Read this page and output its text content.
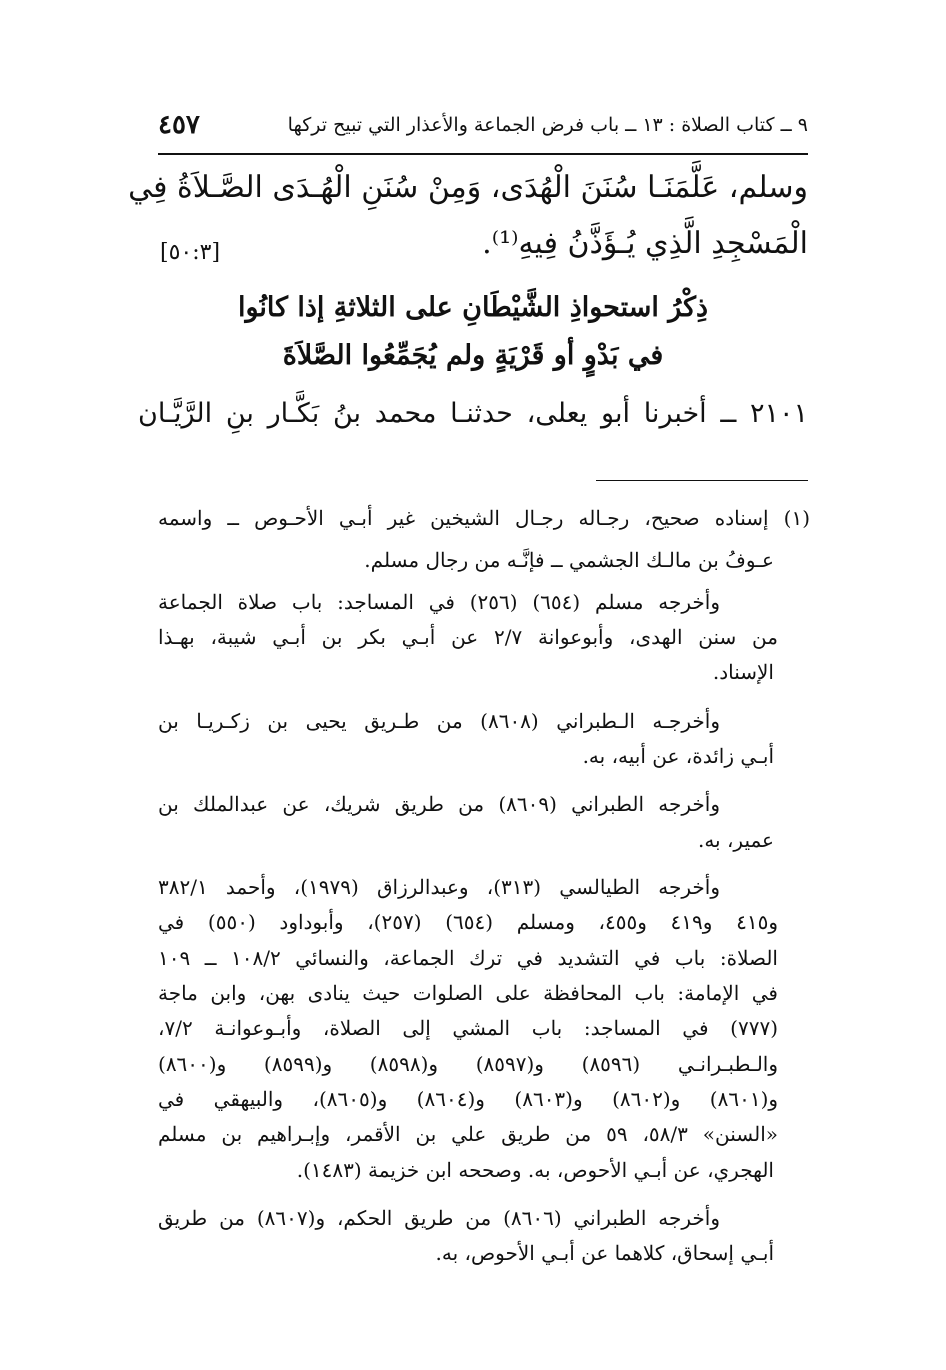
٩ ــ كتاب الصلاة : ١٣ ــ باب فرض الجماعة والأعذار التي تبيح تركها
٤٥٧
وسلم، عَلَّمَنَـا سُنَنَ الْهُدَى، وَمِنْ سُنَنِ الْهُـدَى الصَّـلاَةُ فِي
الْمَسْجِدِ الَّذِي يُـؤَذَّنُ فِيهِ⁽¹⁾.
[٥٠:٣]
ذِكْرُ استحواذِ الشَّيْطَانِ على الثلاثةِ إذا كانُوا
في بَدْوٍ أو قَرْيَةٍ ولم يُجَمِّعُوا الصَّلاَةَ
٢١٠١ ــ أخبرنا أبو يعلى، حدثنـا محمد بنُ بَكَّـار بنِ الرَّيَّـان
(١) إسناده صحيح، رجـاله رجـال الشيخين غير أبـي الأحـوص ــ واسمه
عـوفُ بن مالـك الجشمي ــ فإنَّـه من رجال مسلم.
وأخرجه مسلم (٦٥٤) (٢٥٦) في المساجد: باب صلاة الجماعة
من سنن الهدى، وأبوعوانة ٢/٧ عن أبـي بكر بن أبـي شيبة، بهـذا
الإسناد.
وأخرجـه الـطبراني (٨٦٠٨) من طـريق يحيى بن زكـريـا بن
أبـي زائدة، عن أبيه، به.
وأخرجه الطبراني (٨٦٠٩) من طريق شريك، عن عبدالملك بن
عمير، به.
وأخرجه الطيالسي (٣١٣)، وعبدالرزاق (١٩٧٩)، وأحمد ٣٨٢/١
و٤١٥ و٤١٩ و٤٥٥، ومسلم (٦٥٤) (٢٥٧)، وأبوداود (٥٥٠) في
الصلاة: باب في التشديد في ترك الجماعة، والنسائي ١٠٨/٢ ــ ١٠٩
في الإمامة: باب المحافظة على الصلوات حيث ينادى بهن، وابن ماجة
(٧٧٧) في المساجد: باب المشي إلى الصلاة، وأبـوعوانـة ٧/٢،
والـطبـرانـي (٨٥٩٦) و(٨٥٩٧) و(٨٥٩٨) و(٨٥٩٩) و(٨٦٠٠)
و(٨٦٠١) و(٨٦٠٢) و(٨٦٠٣) و(٨٦٠٤) و(٨٦٠٥)، والبيهقي في
«السنن» ٥٨/٣، ٥٩ من طريق علي بن الأقمر، وإبـراهيم بن مسلم
الهجري، عن أبـي الأحوص، به. وصححه ابن خزيمة (١٤٨٣).
وأخرجه الطبراني (٨٦٠٦) من طريق الحكم، و(٨٦٠٧) من طريق
أبـي إسحاق، كلاهما عن أبـي الأحوص، به.
